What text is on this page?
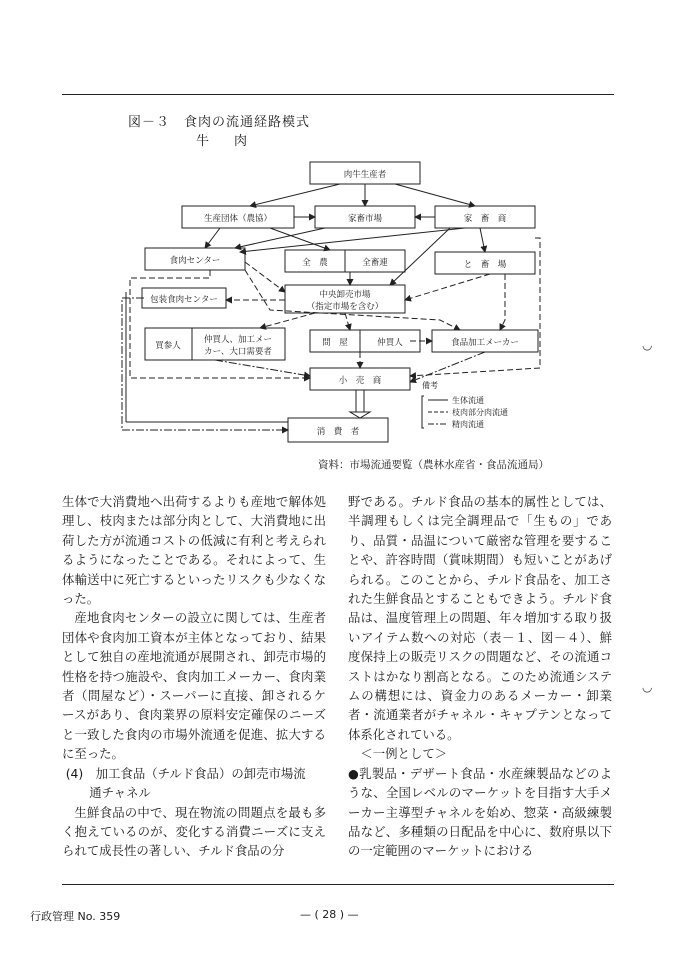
図－３　食肉の流通経路模式
牛　肉
肉牛生産者
生産団体（農協）	家畜市場	家　畜　商
食肉センター	全　農	全畜連	と　畜　場
包装食肉センター	中央卸売市場
（指定市場を含む）
買参人
仲買人、加工メー
カー、大口需要者
問　屋	仲買人	食品加工メーカー
小　売　商
消　費　者
備考
生体流通
枝肉部分肉流通
精肉流通
資料：市場流通要覧（農林水産省・食品流通局）

生体で大消費地へ出荷するよりも産地で解体処理し、枝肉または部分肉として、大消費地に出荷した方が流通コストの低減に有利と考えられるようになったことである。それによって、生体輸送中に死亡するといったリスクも少なくなった。

産地食肉センターの設立に関しては、生産者団体や食肉加工資本が主体となっており、結果として独自の産地流通が展開され、卸売市場的性格を持つ施設や、食肉加工メーカー、食肉業者（問屋など）・スーパーに直接、卸されるケースがあり、食肉業界の原料安定確保のニーズと一致した食肉の市場外流通を促進、拡大するに至った。

(4)　加工食品（チルド食品）の卸売市場流

通チャネル

生鮮食品の中で、現在物流の問題点を最も多く抱えているのが、変化する消費ニーズに支えられて成長性の著しい、チルド食品の分

野である。チルド食品の基本的属性としては、半調理もしくは完全調理品で「生もの」であり、品質・品温について厳密な管理を要することや、許容時間（賞味期間）も短いことがあげられる。このことから、チルド食品を、加工された生鮮食品とすることもできよう。チルド食品は、温度管理上の問題、年々増加する取り扱いアイテム数への対応（表－１、図－４）、鮮度保持上の販売リスクの問題など、その流通コストはかなり割高となる。このため流通システムの構想には、資金力のあるメーカー・卸業者・流通業者がチャネル・キャプテンとなって体系化されている。

＜一例として＞

●乳製品・デザート食品・水産練製品などのような、全国レベルのマーケットを目指す大手メーカー主導型チャネルを始め、惣菜・高級練製品など、多種類の日配品を中心に、数府県以下の一定範囲のマーケットにおける

行政管理 No. 359	— ( 28 ) —
◡
◡
